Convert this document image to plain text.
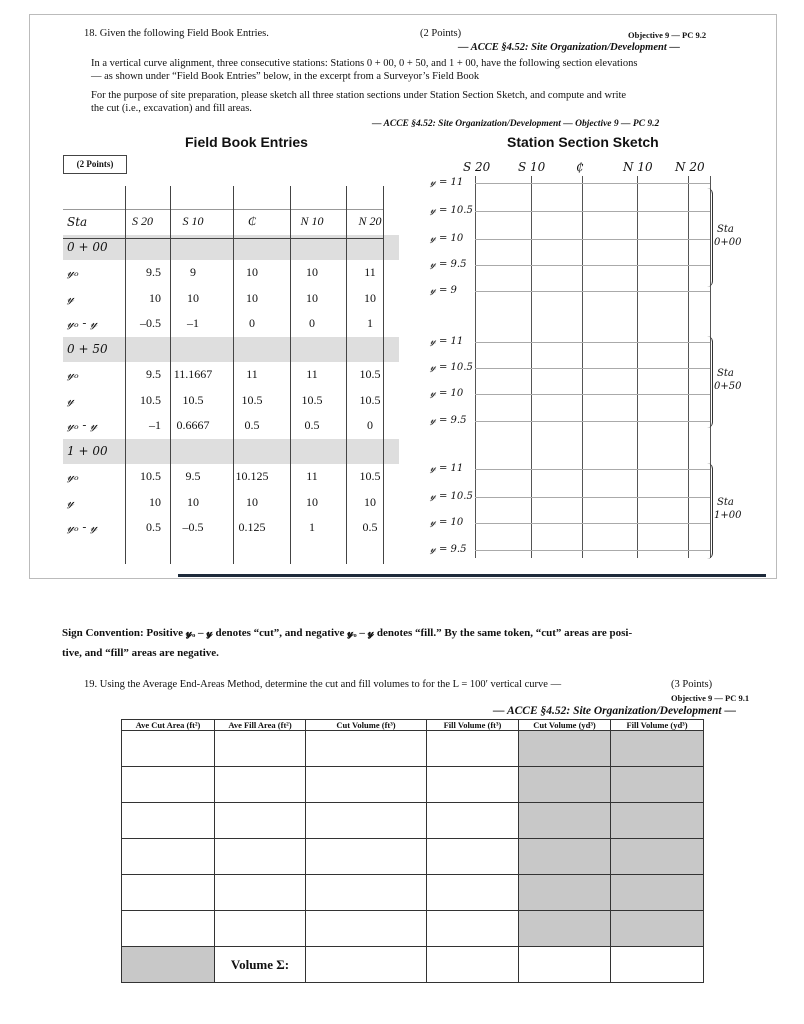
18. Given the following Field Book Entries.	(2 Points)	Objective 9 — PC 9.2
— ACCE §4.52: Site Organization/Development —

In a vertical curve alignment, three consecutive stations: Stations 0 + 00, 0 + 50, and 1 + 00, have the following section elevations

— as shown under “Field Book Entries” below, in the excerpt from a Surveyor’s Field Book

For the purpose of site preparation, please sketch all three station sections under Station Section Sketch, and compute and write

the cut (i.e., excavation) and fill areas.

— ACCE §4.52: Site Organization/Development — Objective 9 — PC 9.2
Field Book Entries	Station Section Sketch
(2 Points)
Sta	S 20	S 10	₵	N 10	N 20
0 + 00					
𝓎ₒ	9.5	9	10	10	11
𝓎	10	10	10	10	10
𝓎ₒ - 𝓎	–0.5	–1	0	0	1
0 + 50					
𝓎ₒ	9.5	11.1667	11	11	10.5
𝓎	10.5	10.5	10.5	10.5	10.5
𝓎ₒ - 𝓎	–1	0.6667	0.5	0.5	0
1 + 00					
𝓎ₒ	10.5	9.5	10.125	11	10.5
𝓎	10	10	10	10	10
𝓎ₒ - 𝓎	0.5	–0.5	0.125	1	0.5
S 20 S 10	₵	N 10 N 20
𝓎 = 11
𝓎 = 10.5
𝓎 = 10
𝓎 = 9.5
𝓎 = 9
Sta
0+00
𝓎 = 11
𝓎 = 10.5
𝓎 = 10
𝓎 = 9.5
Sta
0+50
𝓎 = 11
𝓎 = 10.5
𝓎 = 10
𝓎 = 9.5
Sta
1+00
Sign Convention: Positive 𝓎ₒ – 𝓎 denotes “cut”, and negative 𝓎ₒ – 𝓎 denotes “fill.” By the same token, “cut” areas are posi-
tive, and “fill” areas are negative.
19. Using the Average End-Areas Method, determine the cut and fill volumes to for the L = 100′ vertical curve —	(3 Points)
Objective 9 — PC 9.1
— ACCE §4.52: Site Organization/Development —
Ave Cut Area (ft²)	Ave Fill Area (ft²)	Cut Volume (ft³)	Fill Volume (ft³)	Cut Volume (yd³)	Fill Volume (yd³)

	Volume Σ:				
